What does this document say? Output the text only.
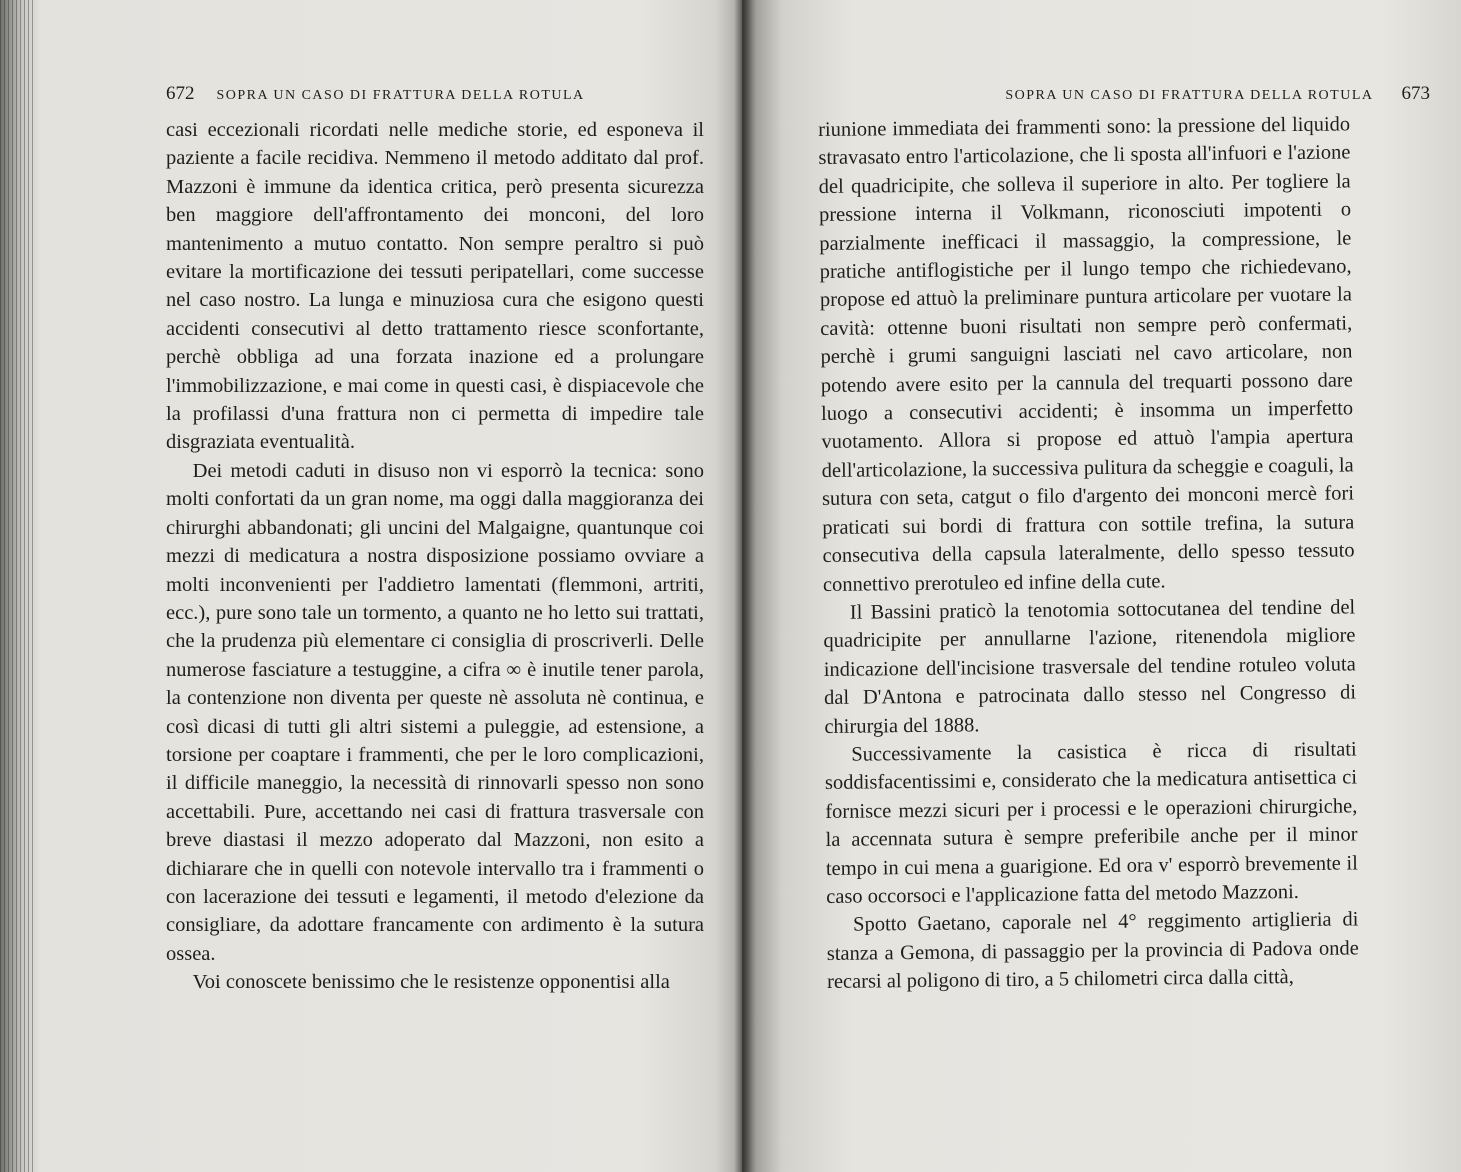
672 SOPRA UN CASO DI FRATTURA DELLA ROTULA

casi eccezionali ricordati nelle mediche storie, ed esponeva il paziente a facile recidiva. Nemmeno il metodo additato dal prof. Mazzoni è immune da identica critica, però presenta sicurezza ben maggiore dell'affrontamento dei monconi, del loro mantenimento a mutuo contatto. Non sempre peraltro si può evitare la mortificazione dei tessuti peripatellari, come successe nel caso nostro. La lunga e minuziosa cura che esigono questi accidenti consecutivi al detto trattamento riesce sconfortante, perchè obbliga ad una forzata inazione ed a prolungare l'immobilizzazione, e mai come in questi casi, è dispiacevole che la profilassi d'una frattura non ci permetta di impedire tale disgraziata eventualità.

Dei metodi caduti in disuso non vi esporrò la tecnica: sono molti confortati da un gran nome, ma oggi dalla maggioranza dei chirurghi abbandonati; gli uncini del Malgaigne, quantunque coi mezzi di medicatura a nostra disposizione possiamo ovviare a molti inconvenienti per l'addietro lamentati (flemmoni, artriti, ecc.), pure sono tale un tormento, a quanto ne ho letto sui trattati, che la prudenza più elementare ci consiglia di proscriverli. Delle numerose fasciature a testuggine, a cifra ∞ è inutile tener parola, la contenzione non diventa per queste nè assoluta nè continua, e così dicasi di tutti gli altri sistemi a puleggie, ad estensione, a torsione per coaptare i frammenti, che per le loro complicazioni, il difficile maneggio, la necessità di rinnovarli spesso non sono accettabili. Pure, accettando nei casi di frattura trasversale con breve diastasi il mezzo adoperato dal Mazzoni, non esito a dichiarare che in quelli con notevole intervallo tra i frammenti o con lacerazione dei tessuti e legamenti, il metodo d'elezione da consigliare, da adottare francamente con ardimento è la sutura ossea.

Voi conoscete benissimo che le resistenze opponentisi alla

SOPRA UN CASO DI FRATTURA DELLA ROTULA 673

riunione immediata dei frammenti sono: la pressione del liquido stravasato entro l'articolazione, che li sposta all'infuori e l'azione del quadricipite, che solleva il superiore in alto. Per togliere la pressione interna il Volkmann, riconosciuti impotenti o parzialmente inefficaci il massaggio, la compressione, le pratiche antiflogistiche per il lungo tempo che richiedevano, propose ed attuò la preliminare puntura articolare per vuotare la cavità: ottenne buoni risultati non sempre però confermati, perchè i grumi sanguigni lasciati nel cavo articolare, non potendo avere esito per la cannula del trequarti possono dare luogo a consecutivi accidenti; è insomma un imperfetto vuotamento. Allora si propose ed attuò l'ampia apertura dell'articolazione, la successiva pulitura da scheggie e coaguli, la sutura con seta, catgut o filo d'argento dei monconi mercè fori praticati sui bordi di frattura con sottile trefina, la sutura consecutiva della capsula lateralmente, dello spesso tessuto connettivo prerotuleo ed infine della cute.

Il Bassini praticò la tenotomia sottocutanea del tendine del quadricipite per annullarne l'azione, ritenendola migliore indicazione dell'incisione trasversale del tendine rotuleo voluta dal D'Antona e patrocinata dallo stesso nel Congresso di chirurgia del 1888.

Successivamente la casistica è ricca di risultati soddisfacentissimi e, considerato che la medicatura antisettica ci fornisce mezzi sicuri per i processi e le operazioni chirurgiche, la accennata sutura è sempre preferibile anche per il minor tempo in cui mena a guarigione. Ed ora v' esporrò brevemente il caso occorsoci e l'applicazione fatta del metodo Mazzoni.

Spotto Gaetano, caporale nel 4° reggimento artiglieria di stanza a Gemona, di passaggio per la provincia di Padova onde recarsi al poligono di tiro, a 5 chilometri circa dalla città,
